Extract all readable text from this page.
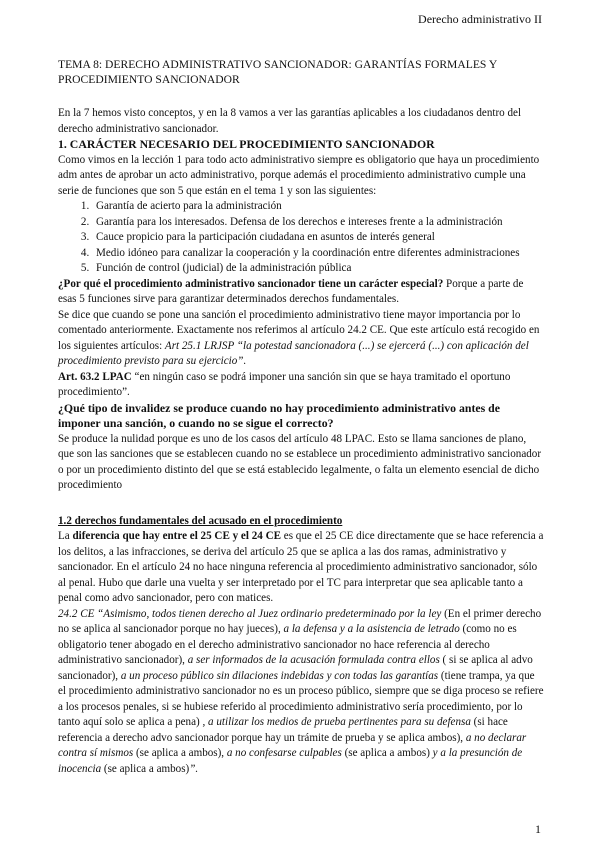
Derecho administrativo II

TEMA 8: DERECHO ADMINISTRATIVO SANCIONADOR: GARANTÍAS FORMALES Y PROCEDIMIENTO SANCIONADOR

En la 7 hemos visto conceptos, y en la 8 vamos a ver las garantías aplicables a los ciudadanos dentro del derecho administrativo sancionador.

1. CARÁCTER NECESARIO DEL PROCEDIMIENTO SANCIONADOR

Como vimos en la lección 1 para todo acto administrativo siempre es obligatorio que haya un procedimiento adm antes de aprobar un acto administrativo, porque además el procedimiento administrativo cumple una serie de funciones que son 5 que están en el tema 1 y son las siguientes:

1. Garantía de acierto para la administración
2. Garantía para los interesados. Defensa de los derechos e intereses frente a la administración
3. Cauce propicio para la participación ciudadana en asuntos de interés general
4. Medio idóneo para canalizar la cooperación y la coordinación entre diferentes administraciones
5. Función de control (judicial) de la administración pública

¿Por qué el procedimiento administrativo sancionador tiene un carácter especial? Porque a parte de esas 5 funciones sirve para garantizar determinados derechos fundamentales.

Se dice que cuando se pone una sanción el procedimiento administrativo tiene mayor importancia por lo comentado anteriormente. Exactamente nos referimos al artículo 24.2 CE. Que este artículo está recogido en los siguientes artículos: Art 25.1 LRJSP “la potestad sancionadora (...) se ejercerá (...) con aplicación del procedimiento previsto para su ejercicio”.

Art. 63.2 LPAC “en ningún caso se podrá imponer una sanción sin que se haya tramitado el oportuno procedimiento”.

¿Qué tipo de invalidez se produce cuando no hay procedimiento administrativo antes de imponer una sanción, o cuando no se sigue el correcto?

Se produce la nulidad porque es uno de los casos del artículo 48 LPAC. Esto se llama sanciones de plano, que son las sanciones que se establecen cuando no se establece un procedimiento administrativo sancionador o por un procedimiento distinto del que se está establecido legalmente, o falta un elemento esencial de dicho procedimiento

1.2 derechos fundamentales del acusado en el procedimiento

La diferencia que hay entre el 25 CE y el 24 CE es que el 25 CE dice directamente que se hace referencia a los delitos, a las infracciones, se deriva del artículo 25 que se aplica a las dos ramas, administrativo y sancionador. En el artículo 24 no hace ninguna referencia al procedimiento administrativo sancionador, sólo al penal. Hubo que darle una vuelta y ser interpretado por el TC para interpretar que sea aplicable tanto a penal como advo sancionador, pero con matices.

24.2 CE “Asimismo, todos tienen derecho al Juez ordinario predeterminado por la ley (En el primer derecho no se aplica al sancionador porque no hay jueces), a la defensa y a la asistencia de letrado (como no es obligatorio tener abogado en el derecho administrativo sancionador no hace referencia al derecho administrativo sancionador), a ser informados de la acusación formulada contra ellos ( si se aplica al advo sancionador), a un proceso público sin dilaciones indebidas y con todas las garantías (tiene trampa, ya que el procedimiento administrativo sancionador no es un proceso público, siempre que se diga proceso se refiere a los procesos penales, si se hubiese referido al procedimiento administrativo sería procedimiento, por lo tanto aquí solo se aplica a pena) , a utilizar los medios de prueba pertinentes para su defensa (si hace referencia a derecho advo sancionador porque hay un trámite de prueba y se aplica ambos), a no declarar contra sí mismos (se aplica a ambos), a no confesarse culpables (se aplica a ambos) y a la presunción de inocencia (se aplica a ambos)”.

1
